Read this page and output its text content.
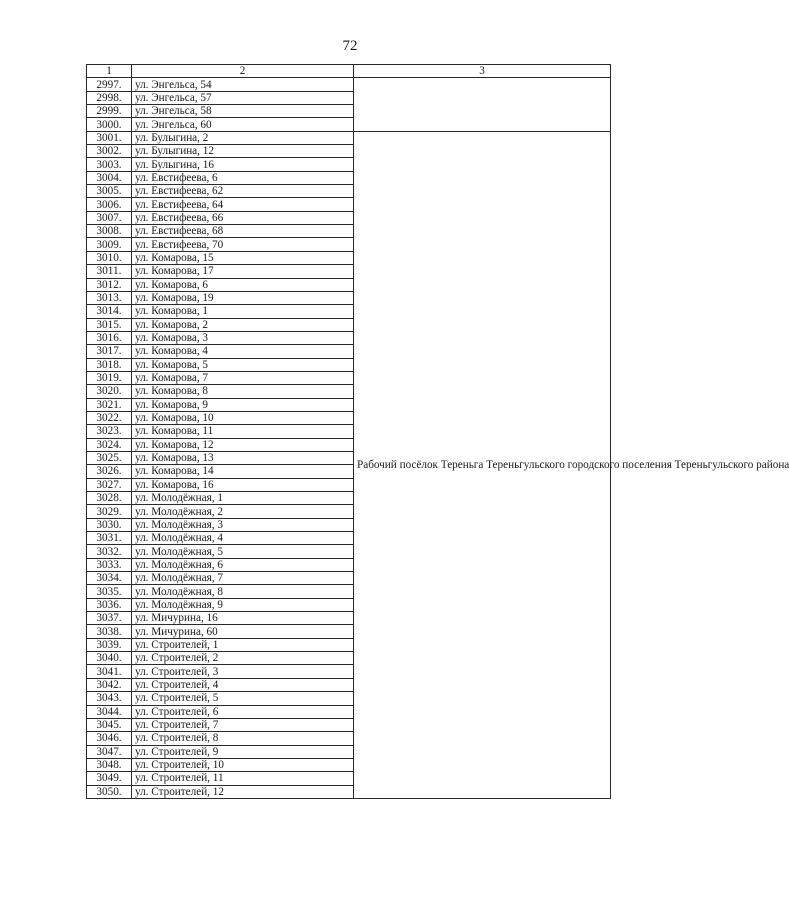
72
1	2	3
2997.	ул. Энгельса, 54	
2998.	ул. Энгельса, 57	
2999.	ул. Энгельса, 58	
3000.	ул. Энгельса, 60	
3001.	ул. Булыгина, 2	Рабочий посёлок Тереньга Тереньгульского городского поселения Тереньгульского района
3002.	ул. Булыгина, 12	
3003.	ул. Булыгина, 16	
3004.	ул. Евстифеева, 6	
3005.	ул. Евстифеева, 62	
3006.	ул. Евстифеева, 64	
3007.	ул. Евстифеева, 66	
3008.	ул. Евстифеева, 68	
3009.	ул. Евстифеева, 70	
3010.	ул. Комарова, 15	
3011.	ул. Комарова, 17	
3012.	ул. Комарова, 6	
3013.	ул. Комарова, 19	
3014.	ул. Комарова, 1	
3015.	ул. Комарова, 2	
3016.	ул. Комарова, 3	
3017.	ул. Комарова, 4	
3018.	ул. Комарова, 5	
3019.	ул. Комарова, 7	
3020.	ул. Комарова, 8	
3021.	ул. Комарова, 9	
3022.	ул. Комарова, 10	
3023.	ул. Комарова, 11	
3024.	ул. Комарова, 12	
3025.	ул. Комарова, 13	
3026.	ул. Комарова, 14	
3027.	ул. Комарова, 16	
3028.	ул. Молодёжная, 1	
3029.	ул. Молодёжная, 2	
3030.	ул. Молодёжная, 3	
3031.	ул. Молодёжная, 4	
3032.	ул. Молодёжная, 5	
3033.	ул. Молодёжная, 6	
3034.	ул. Молодёжная, 7	
3035.	ул. Молодёжная, 8	
3036.	ул. Молодёжная, 9	
3037.	ул. Мичурина, 16	
3038.	ул. Мичурина, 60	
3039.	ул. Строителей, 1	
3040.	ул. Строителей, 2	
3041.	ул. Строителей, 3	
3042.	ул. Строителей, 4	
3043.	ул. Строителей, 5	
3044.	ул. Строителей, 6	
3045.	ул. Строителей, 7	
3046.	ул. Строителей, 8	
3047.	ул. Строителей, 9	
3048.	ул. Строителей, 10	
3049.	ул. Строителей, 11	
3050.	ул. Строителей, 12	
